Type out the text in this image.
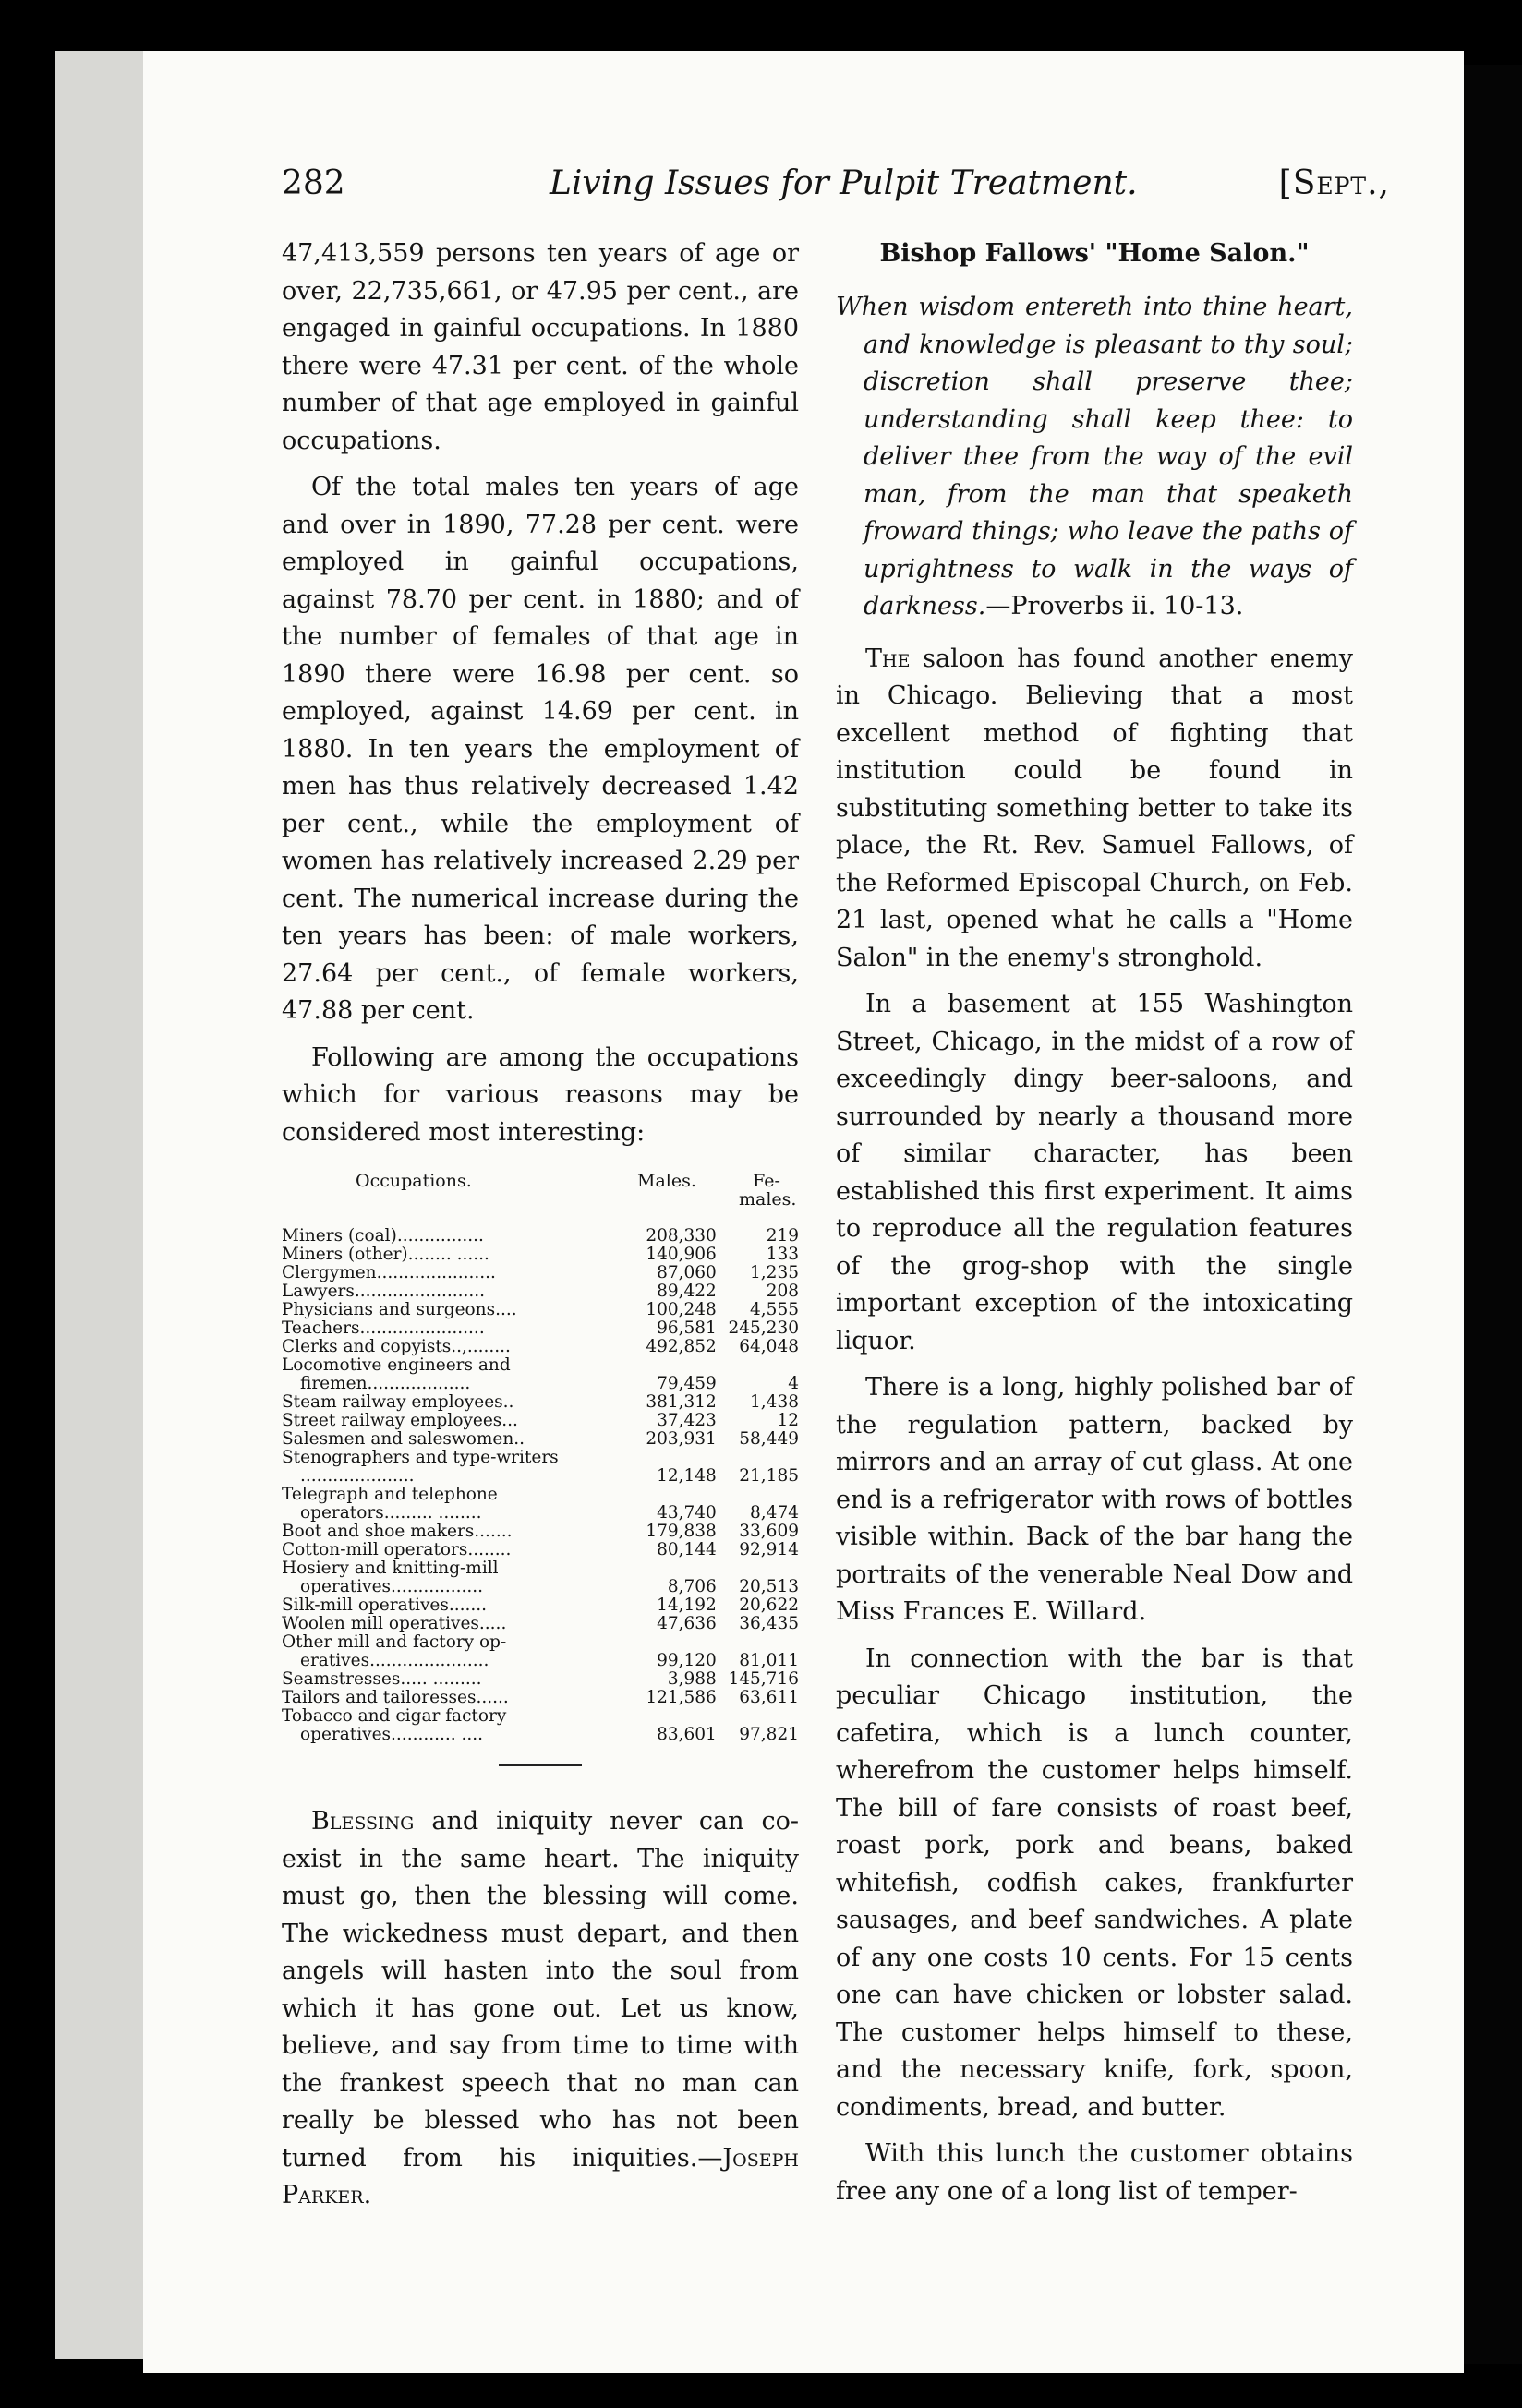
282	Living Issues for Pulpit Treatment.	[Sept.,

47,413,559 persons ten years of age or over, 22,735,661, or 47.95 per cent., are engaged in gainful occupations. In 1880 there were 47.31 per cent. of the whole number of that age employed in gainful occupations.

Of the total males ten years of age and over in 1890, 77.28 per cent. were employed in gainful occupations, against 78.70 per cent. in 1880; and of the number of females of that age in 1890 there were 16.98 per cent. so employed, against 14.69 per cent. in 1880. In ten years the employment of men has thus relatively decreased 1.42 per cent., while the employment of women has relatively increased 2.29 per cent. The numerical increase during the ten years has been: of male workers, 27.64 per cent., of female workers, 47.88 per cent.

Following are among the occupations which for various reasons may be considered most interesting:

Occupations.	Males.	Fe- males.
Miners (coal)................	208,330	219
Miners (other)........ ......	140,906	133
Clergymen......................	87,060	1,235
Lawyers........................	89,422	208
Physicians and surgeons....	100,248	4,555
Teachers.......................	96,581 245,230
Clerks and copyists..,........	492,852	64,048
Locomotive engineers and firemen...................	79,459	4
Steam railway employees..	381,312	1,438
Street railway employees...	37,423	12
Salesmen and saleswomen..	203,931	58,449
Stenographers and type-writers .....................	12,148	21,185
Telegraph and telephone operators......... ........	43,740	8,474
Boot and shoe makers.......	179,838	33,609
Cotton-mill operators........	80,144	92,914
Hosiery and knitting-mill operatives.................	8,706	20,513
Silk-mill operatives.......	14,192	20,622
Woolen mill operatives.....	47,636	36,435
Other mill and factory op-eratives......................	99,120	81,011
Seamstresses..... .........	3,988 145,716
Tailors and tailoresses......	121,586	63,611
Tobacco and cigar factory operatives............ ....	83,601	97,821

Blessing and iniquity never can co-exist in the same heart. The iniquity must go, then the blessing will come. The wickedness must depart, and then angels will hasten into the soul from which it has gone out. Let us know, believe, and say from time to time with the frankest speech that no man can really be blessed who has not been turned from his iniquities.—Joseph Parker.

Bishop Fallows' "Home Salon."

When wisdom entereth into thine heart, and knowledge is pleasant to thy soul; discretion shall preserve thee; understanding shall keep thee: to deliver thee from the way of the evil man, from the man that speaketh froward things; who leave the paths of uprightness to walk in the ways of darkness.—Proverbs ii. 10-13.

The saloon has found another enemy in Chicago. Believing that a most excellent method of fighting that institution could be found in substituting something better to take its place, the Rt. Rev. Samuel Fallows, of the Reformed Episcopal Church, on Feb. 21 last, opened what he calls a "Home Salon" in the enemy's stronghold.

In a basement at 155 Washington Street, Chicago, in the midst of a row of exceedingly dingy beer-saloons, and surrounded by nearly a thousand more of similar character, has been established this first experiment. It aims to reproduce all the regulation features of the grog-shop with the single important exception of the intoxicating liquor.

There is a long, highly polished bar of the regulation pattern, backed by mirrors and an array of cut glass. At one end is a refrigerator with rows of bottles visible within. Back of the bar hang the portraits of the venerable Neal Dow and Miss Frances E. Willard.

In connection with the bar is that peculiar Chicago institution, the cafetira, which is a lunch counter, wherefrom the customer helps himself. The bill of fare consists of roast beef, roast pork, pork and beans, baked whitefish, codfish cakes, frankfurter sausages, and beef sandwiches. A plate of any one costs 10 cents. For 15 cents one can have chicken or lobster salad. The customer helps himself to these, and the necessary knife, fork, spoon, condiments, bread, and butter.

With this lunch the customer obtains free any one of a long list of temper-
